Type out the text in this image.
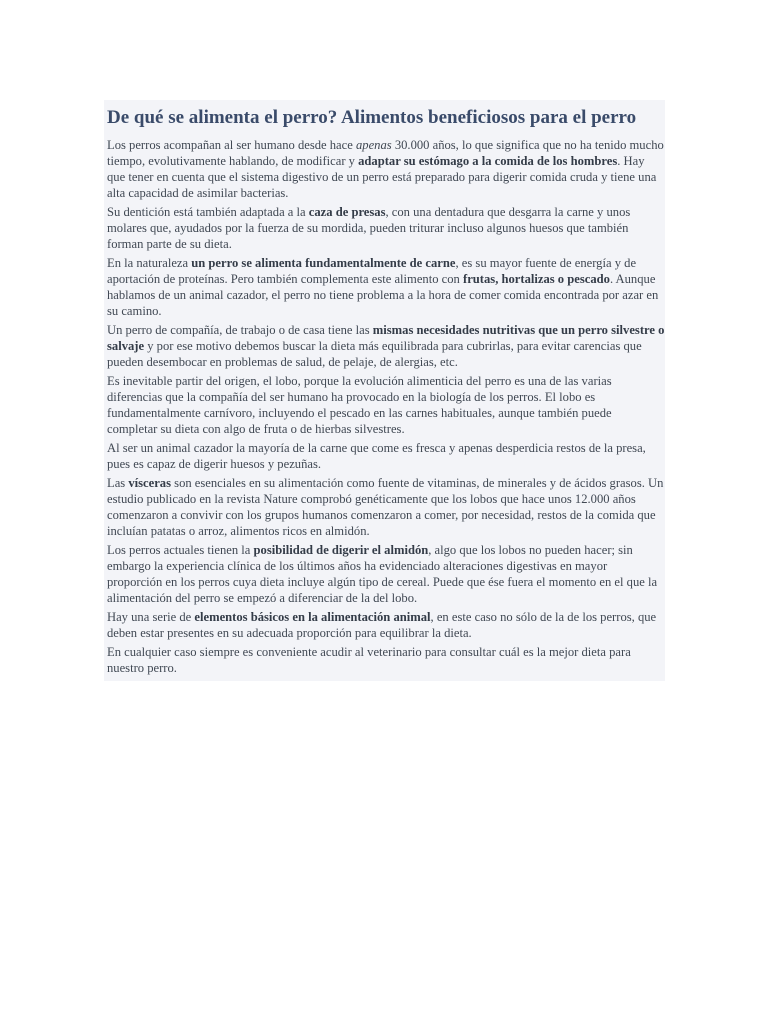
De qué se alimenta el perro? Alimentos beneficiosos para el perro

Los perros acompañan al ser humano desde hace apenas 30.000 años, lo que significa que no ha tenido mucho tiempo, evolutivamente hablando, de modificar y adaptar su estómago a la comida de los hombres. Hay que tener en cuenta que el sistema digestivo de un perro está preparado para digerir comida cruda y tiene una alta capacidad de asimilar bacterias.

Su dentición está también adaptada a la caza de presas, con una dentadura que desgarra la carne y unos molares que, ayudados por la fuerza de su mordida, pueden triturar incluso algunos huesos que también forman parte de su dieta.

En la naturaleza un perro se alimenta fundamentalmente de carne, es su mayor fuente de energía y de aportación de proteínas. Pero también complementa este alimento con frutas, hortalizas o pescado. Aunque hablamos de un animal cazador, el perro no tiene problema a la hora de comer comida encontrada por azar en su camino.

Un perro de compañía, de trabajo o de casa tiene las mismas necesidades nutritivas que un perro silvestre o salvaje y por ese motivo debemos buscar la dieta más equilibrada para cubrirlas, para evitar carencias que pueden desembocar en problemas de salud, de pelaje, de alergias, etc.

Es inevitable partir del origen, el lobo, porque la evolución alimenticia del perro es una de las varias diferencias que la compañía del ser humano ha provocado en la biología de los perros. El lobo es fundamentalmente carnívoro, incluyendo el pescado en las carnes habituales, aunque también puede completar su dieta con algo de fruta o de hierbas silvestres.

Al ser un animal cazador la mayoría de la carne que come es fresca y apenas desperdicia restos de la presa, pues es capaz de digerir huesos y pezuñas.

Las vísceras son esenciales en su alimentación como fuente de vitaminas, de minerales y de ácidos grasos. Un estudio publicado en la revista Nature comprobó genéticamente que los lobos que hace unos 12.000 años comenzaron a convivir con los grupos humanos comenzaron a comer, por necesidad, restos de la comida que incluían patatas o arroz, alimentos ricos en almidón.

Los perros actuales tienen la posibilidad de digerir el almidón, algo que los lobos no pueden hacer; sin embargo la experiencia clínica de los últimos años ha evidenciado alteraciones digestivas en mayor proporción en los perros cuya dieta incluye algún tipo de cereal. Puede que ése fuera el momento en el que la alimentación del perro se empezó a diferenciar de la del lobo.

Hay una serie de elementos básicos en la alimentación animal, en este caso no sólo de la de los perros, que deben estar presentes en su adecuada proporción para equilibrar la dieta.

En cualquier caso siempre es conveniente acudir al veterinario para consultar cuál es la mejor dieta para nuestro perro.
